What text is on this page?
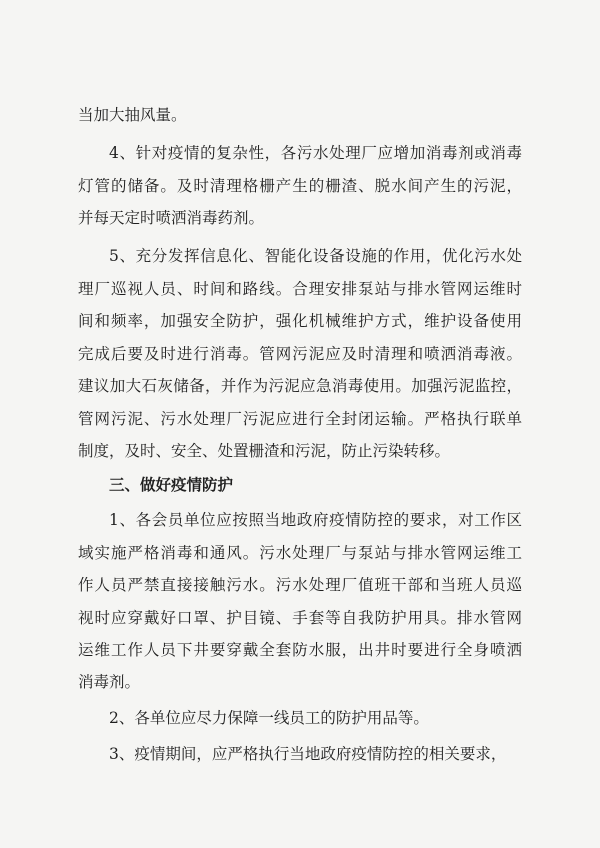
当加大抽风量。
4、针对疫情的复杂性，各污水处理厂应增加消毒剂或消毒
灯管的储备。及时清理格栅产生的栅渣、脱水间产生的污泥，
并每天定时喷洒消毒药剂。
5、充分发挥信息化、智能化设备设施的作用，优化污水处
理厂巡视人员、时间和路线。合理安排泵站与排水管网运维时
间和频率，加强安全防护，强化机械维护方式，维护设备使用
完成后要及时进行消毒。管网污泥应及时清理和喷洒消毒液。
建议加大石灰储备，并作为污泥应急消毒使用。加强污泥监控，
管网污泥、污水处理厂污泥应进行全封闭运输。严格执行联单
制度，及时、安全、处置栅渣和污泥，防止污染转移。
三、做好疫情防护
1、各会员单位应按照当地政府疫情防控的要求，对工作区
域实施严格消毒和通风。污水处理厂与泵站与排水管网运维工
作人员严禁直接接触污水。污水处理厂值班干部和当班人员巡
视时应穿戴好口罩、护目镜、手套等自我防护用具。排水管网
运维工作人员下井要穿戴全套防水服，出井时要进行全身喷洒
消毒剂。
2、各单位应尽力保障一线员工的防护用品等。
3、疫情期间，应严格执行当地政府疫情防控的相关要求，
